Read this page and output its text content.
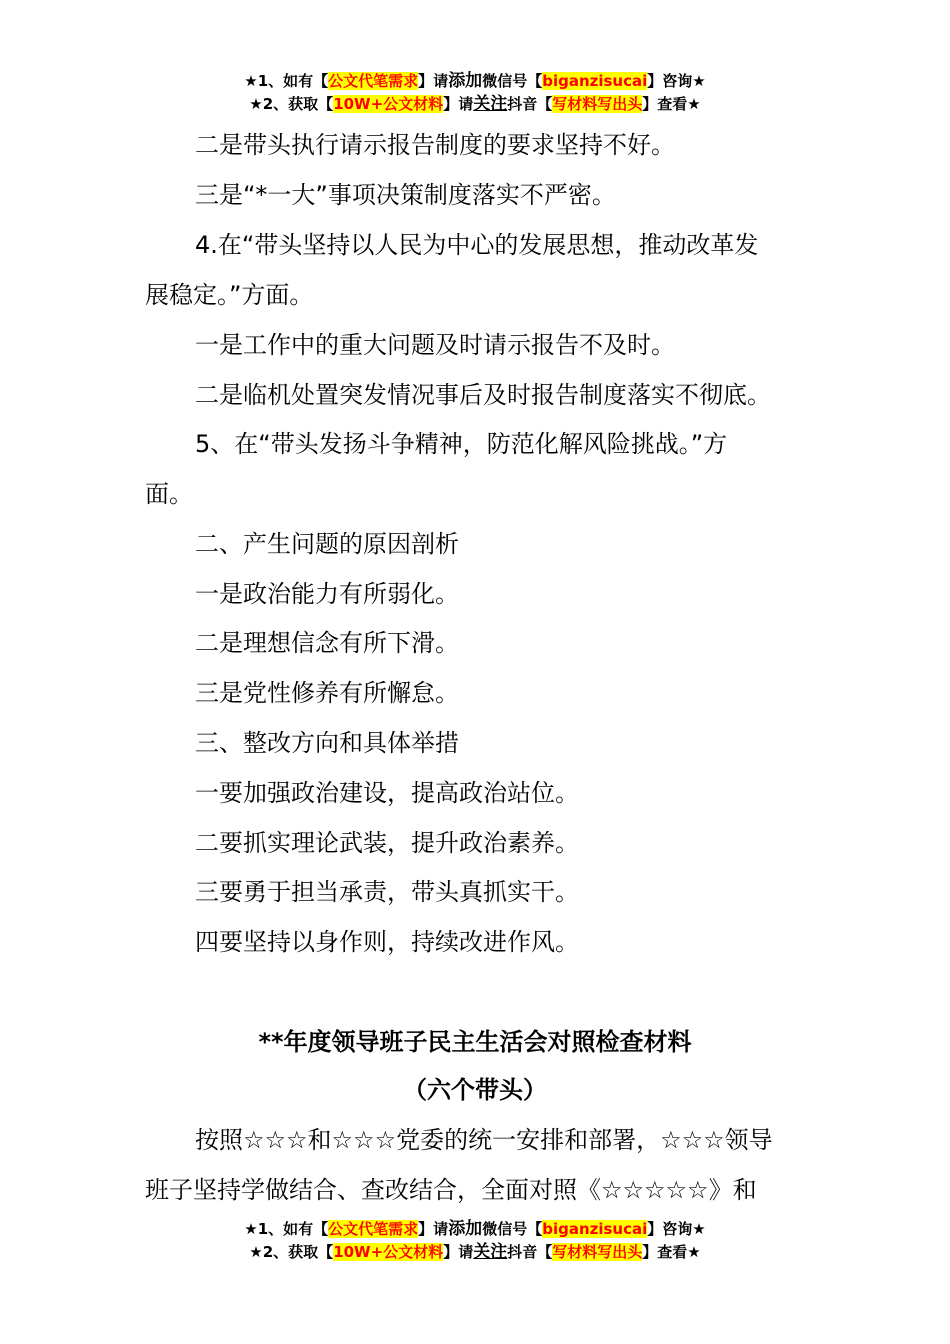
★1、如有【公文代笔需求】请添加微信号【biganzisucai】咨询★
★2、获取【10W+公文材料】请关注抖音【写材料写出头】查看★
二是带头执行请示报告制度的要求坚持不好。
三是“*一大”事项决策制度落实不严密。
4.在“带头坚持以人民为中心的发展思想，推动改革发
展稳定。”方面。
一是工作中的重大问题及时请示报告不及时。
二是临机处置突发情况事后及时报告制度落实不彻底。
5、在“带头发扬斗争精神，防范化解风险挑战。”方
面。
二、产生问题的原因剖析
一是政治能力有所弱化。
二是理想信念有所下滑。
三是党性修养有所懈怠。
三、整改方向和具体举措
一要加强政治建设，提高政治站位。
二要抓实理论武装，提升政治素养。
三要勇于担当承责，带头真抓实干。
四要坚持以身作则，持续改进作风。
**年度领导班子民主生活会对照检查材料
（六个带头）
按照☆☆☆和☆☆☆党委的统一安排和部署，☆☆☆领导
班子坚持学做结合、查改结合，全面对照《☆☆☆☆☆》和
★1、如有【公文代笔需求】请添加微信号【biganzisucai】咨询★
★2、获取【10W+公文材料】请关注抖音【写材料写出头】查看★
